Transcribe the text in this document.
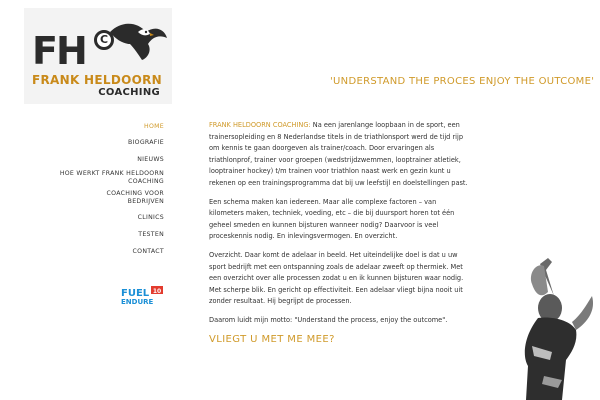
FH	C
FRANK HELDOORN
COACHING
'UNDERSTAND THE PROCES ENJOY THE OUTCOME'
HOME
BIOGRAFIE
NIEUWS
HOE WERKT FRANK HELDOORN COACHING
COACHING VOOR BEDRIJVEN
CLINICS
TESTEN
CONTACT
FUEL 10
ENDURE

FRANK HELDOORN COACHING: Na een jarenlange loopbaan in de sport, een trainersopleiding en 8 Nederlandse titels in de triathlonsport werd de tijd rijp om kennis te gaan doorgeven als trainer/coach. Door ervaringen als triathlonprof, trainer voor groepen (wedstrijdzwemmen, looptrainer atletiek, looptrainer hockey) t/m trainen voor triathlon naast werk en gezin kunt u rekenen op een trainingsprogramma dat bij uw leefstijl en doelstellingen past.

Een schema maken kan iedereen. Maar alle complexe factoren – van kilometers maken, techniek, voeding, etc – die bij duursport horen tot één geheel smeden en kunnen bijsturen wanneer nodig? Daarvoor is veel proceskennis nodig. En inlevingsvermogen. En overzicht.

Overzicht. Daar komt de adelaar in beeld. Het uiteindelijke doel is dat u uw sport bedrijft met een ontspanning zoals de adelaar zweeft op thermiek. Met een overzicht over alle processen zodat u en ik kunnen bijsturen waar nodig. Met scherpe blik. En gericht op effectiviteit. Een adelaar vliegt bijna nooit uit zonder resultaat. Hij begrijpt de processen.

Daarom luidt mijn motto: "Understand the process, enjoy the outcome".

VLIEGT U MET ME MEE?
